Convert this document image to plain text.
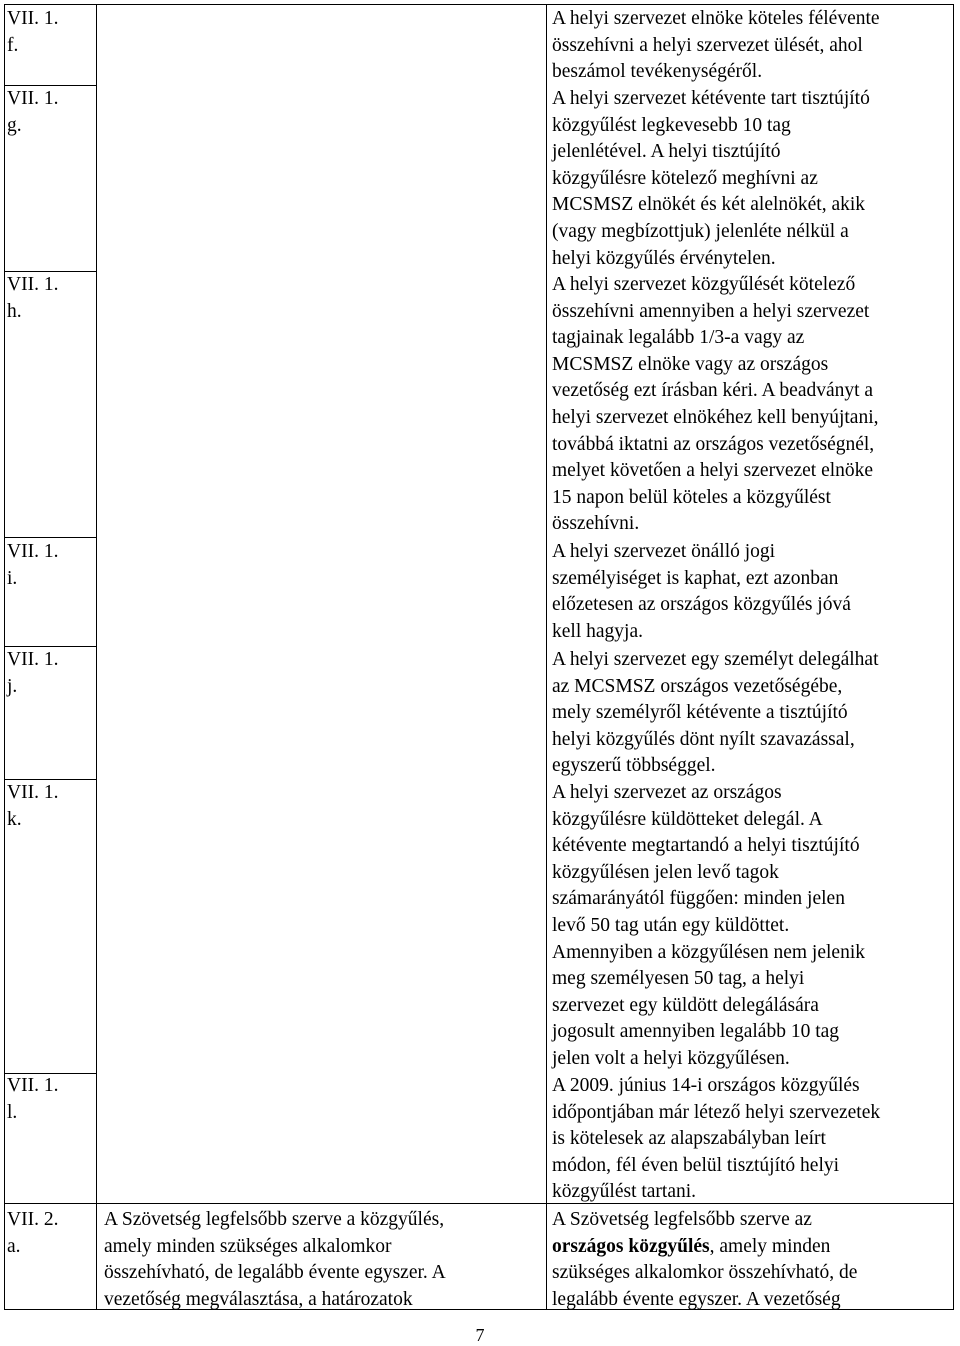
VII. 1.
f.
A helyi szervezet elnöke köteles félévente
összehívni a helyi szervezet ülését, ahol
beszámol tevékenységéről.
VII. 1.
g.
A helyi szervezet kétévente tart tisztújító
közgyűlést legkevesebb 10 tag
jelenlétével. A helyi tisztújító
közgyűlésre kötelező meghívni az
MCSMSZ elnökét és két alelnökét, akik
(vagy megbízottjuk) jelenléte nélkül a
helyi közgyűlés érvénytelen.
VII. 1.
h.
A helyi szervezet közgyűlését kötelező
összehívni amennyiben a helyi szervezet
tagjainak legalább 1/3-a vagy az
MCSMSZ elnöke vagy az országos
vezetőség ezt írásban kéri. A beadványt a
helyi szervezet elnökéhez kell benyújtani,
továbbá iktatni az országos vezetőségnél,
melyet követően a helyi szervezet elnöke
15 napon belül köteles a közgyűlést
összehívni.
VII. 1.
i.
A helyi szervezet önálló jogi
személyiséget is kaphat, ezt azonban
előzetesen az országos közgyűlés jóvá
kell hagyja.
VII. 1.
j.
A helyi szervezet egy személyt delegálhat
az MCSMSZ országos vezetőségébe,
mely személyről kétévente a tisztújító
helyi közgyűlés dönt nyílt szavazással,
egyszerű többséggel.
VII. 1.
k.
A helyi szervezet az országos
közgyűlésre küldötteket delegál. A
kétévente megtartandó a helyi tisztújító
közgyűlésen jelen levő tagok
számarányától függően: minden jelen
levő 50 tag után egy küldöttet.
Amennyiben a közgyűlésen nem jelenik
meg személyesen 50 tag, a helyi
szervezet egy küldött delegálására
jogosult amennyiben legalább 10 tag
jelen volt a helyi közgyűlésen.
VII. 1.
l.
A 2009. június 14-i országos közgyűlés
időpontjában már létező helyi szervezetek
is kötelesek az alapszabályban leírt
módon, fél éven belül tisztújító helyi
közgyűlést tartani.
VII. 2.
a.
A Szövetség legfelsőbb szerve a közgyűlés,
amely minden szükséges alkalomkor
összehívható, de legalább évente egyszer. A
vezetőség megválasztása, a határozatok
A Szövetség legfelsőbb szerve az
országos közgyűlés, amely minden
szükséges alkalomkor összehívható, de
legalább évente egyszer. A vezetőség
7
